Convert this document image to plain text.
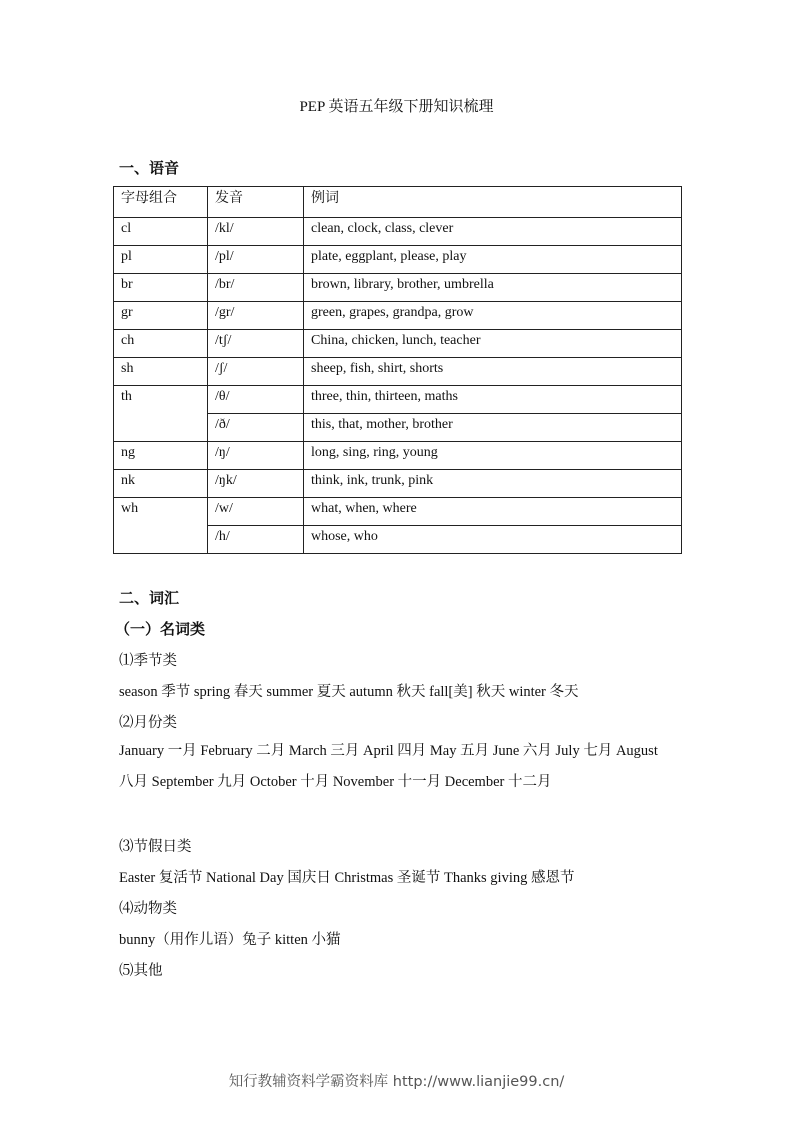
PEP 英语五年级下册知识梳理
一、语音
字母组合	发音	例词
cl	/kl/	clean, clock, class, clever
pl	/pl/	plate, eggplant, please, play
br	/br/	brown, library, brother, umbrella
gr	/gr/	green, grapes, grandpa, grow
ch	/tʃ/	China, chicken, lunch, teacher
sh	/ʃ/	sheep, fish, shirt, shorts
th	/θ/	three, thin, thirteen, maths
	/ð/	this, that, mother, brother
ng	/ŋ/	long, sing, ring, young
nk	/ŋk/	think, ink, trunk, pink
wh	/w/	what, when, where
	/h/	whose, who
二、词汇
（一）名词类
⑴季节类
season 季节 spring 春天 summer 夏天 autumn 秋天 fall[美] 秋天 winter 冬天
⑵月份类
January 一月 February 二月 March 三月 April 四月 May 五月 June 六月 July 七月 August 八月 September 九月 October 十月 November 十一月 December 十二月
⑶节假日类
Easter 复活节 National Day 国庆日 Christmas 圣诞节 Thanks giving 感恩节
⑷动物类
bunny（用作儿语）兔子 kitten 小猫
⑸其他
知行教辅资料学霸资料库 http://www.lianjie99.cn/
